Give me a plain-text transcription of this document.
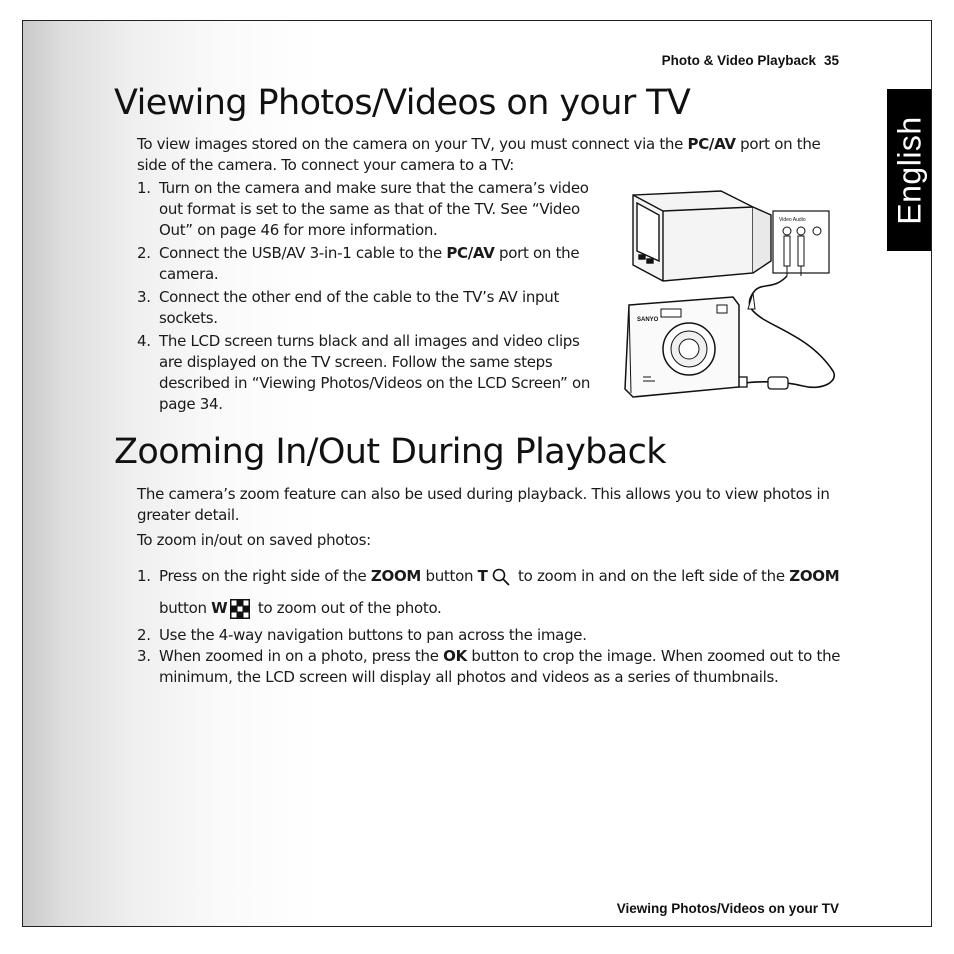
Photo & Video Playback 35
English
Viewing Photos/Videos on your TV
To view images stored on the camera on your TV, you must connect via the PC/AV port on the side of the camera. To connect your camera to a TV:
1. Turn on the camera and make sure that the camera’s video out format is set to the same as that of the TV. See “Video Out” on page 46 for more information.
2. Connect the USB/AV 3-in-1 cable to the PC/AV port on the camera.
3. Connect the other end of the cable to the TV’s AV input sockets.
4. The LCD screen turns black and all images and video clips are displayed on the TV screen. Follow the same steps described in “Viewing Photos/Videos on the LCD Screen” on page 34.
Video Audio
SANYO
Zooming In/Out During Playback
The camera’s zoom feature can also be used during playback. This allows you to view photos in greater detail.
To zoom in/out on saved photos:
1. Press on the right side of the ZOOM button T to zoom in and on the left side of the ZOOM button W to zoom out of the photo.
2. Use the 4-way navigation buttons to pan across the image.
3. When zoomed in on a photo, press the OK button to crop the image. When zoomed out to the minimum, the LCD screen will display all photos and videos as a series of thumbnails.
Viewing Photos/Videos on your TV
